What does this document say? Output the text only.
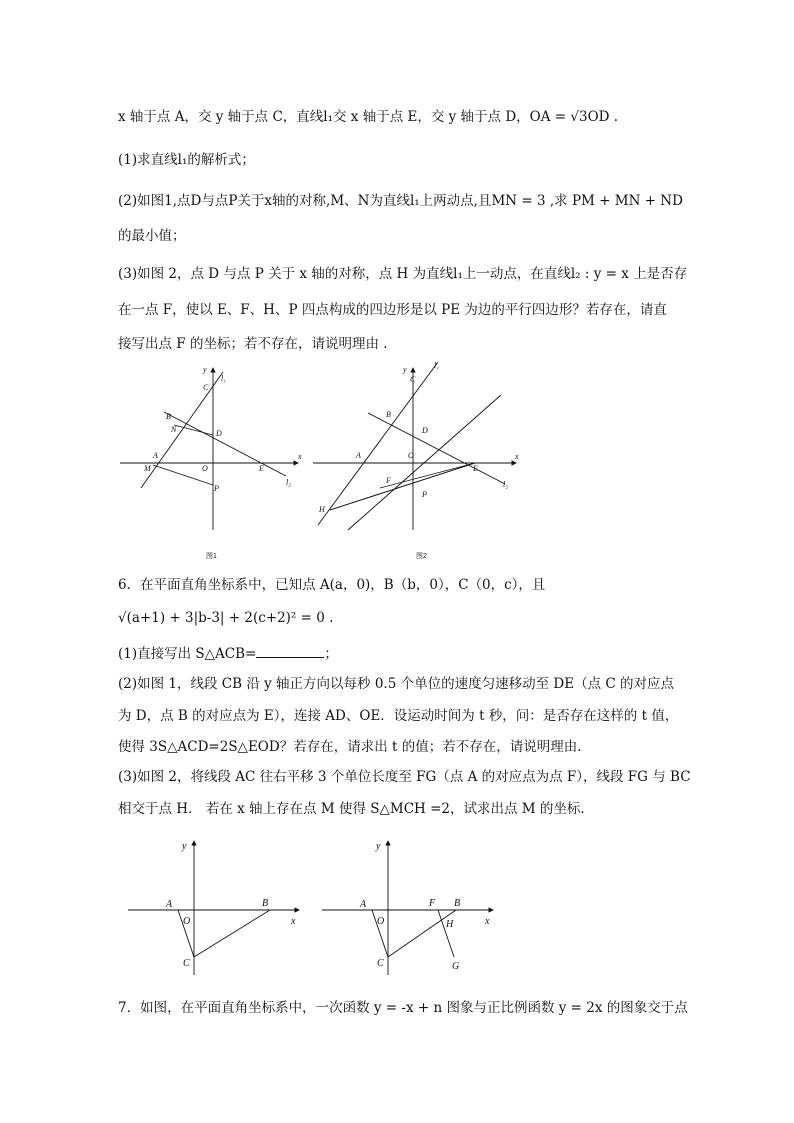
x 轴于点 A，交 y 轴于点 C，直线l₁交 x 轴于点 E，交 y 轴于点 D，OA = √3OD .
(1)求直线l₁的解析式；
(2)如图1,点D与点P关于x轴的对称,M、N为直线l₁上两动点,且MN = 3 ,求 PM + MN + ND
的最小值；
(3)如图 2，点 D 与点 P 关于 x 轴的对称，点 H 为直线l₁上一动点，在直线l₂ : y = x 上是否存
在一点 F，使以 E、F、H、P 四点构成的四边形是以 PE 为边的平行四边形？若存在，请直
接写出点 F 的坐标；若不存在，请说明理由 .
y
C
l₁
B
N	D
A
M	O	E
x
P
l₂
图1
y
C
l₁
B
D
A	O
E
x
F
P
H
l₂
图2
6．在平面直角坐标系中，已知点 A(a，0)，B（b，0），C（0，c），且
√(a+1) + 3|b-3| + 2(c+2)² = 0 .
(1)直接写出 S△ACB=	；
(2)如图 1，线段 CB 沿 y 轴正方向以每秒 0.5 个单位的速度匀速移动至 DE（点 C 的对应点
为 D，点 B 的对应点为 E），连接 AD、OE．设运动时间为 t 秒，问：是否存在这样的 t 值，
使得 3S△ACD=2S△EOD？若存在，请求出 t 的值；若不存在，请说明理由．
(3)如图 2，将线段 AC 往右平移 3 个单位长度至 FG（点 A 的对应点为点 F），线段 FG 与 BC
相交于点 H． 若在 x 轴上存在点 M 使得 S△MCH =2，试求出点 M 的坐标．
y
A
O
B
x
C
y
A
O
F B
H	x
C	G
7．如图，在平面直角坐标系中，一次函数 y = -x + n 图象与正比例函数 y = 2x 的图象交于点
